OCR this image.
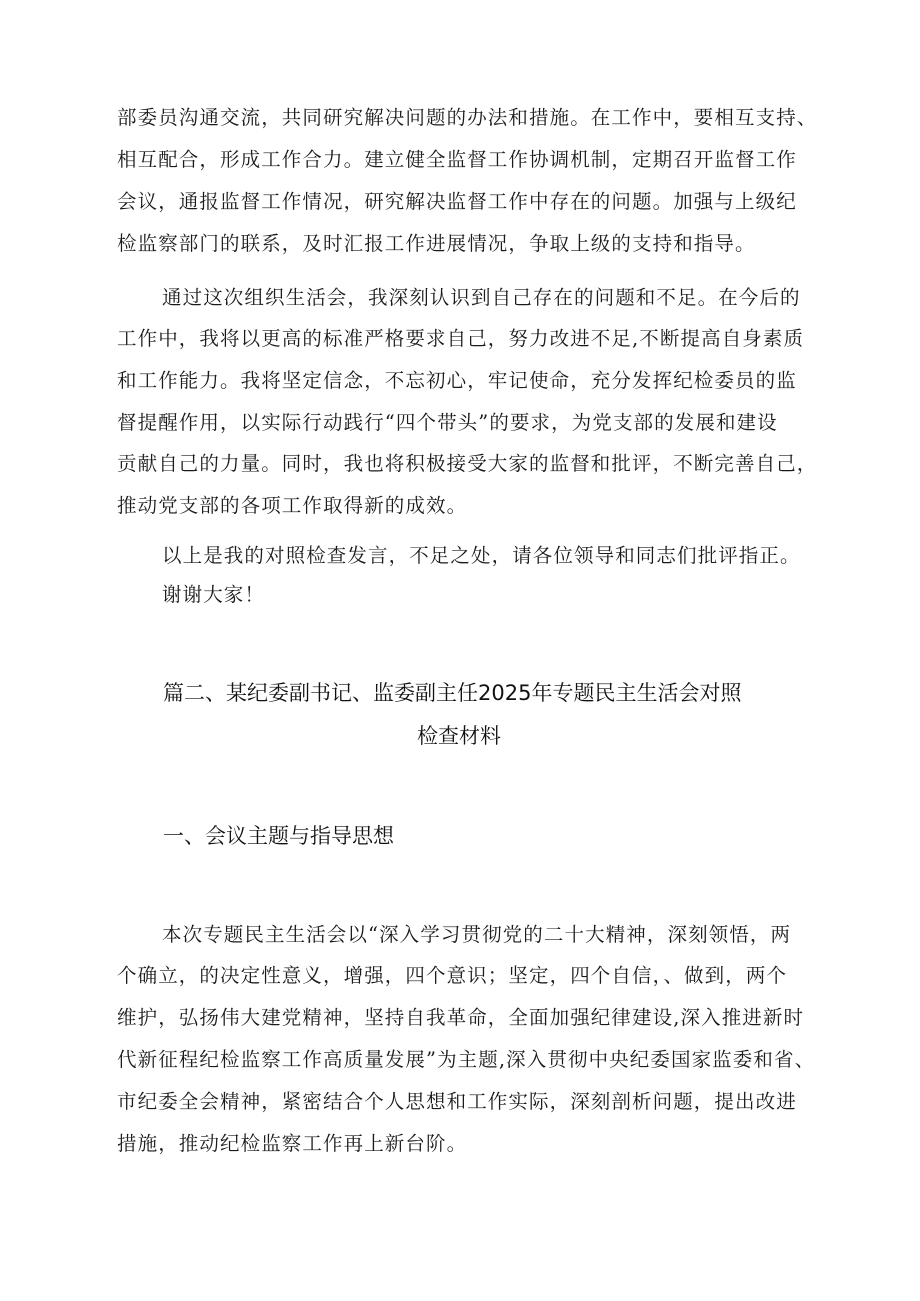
部委员沟通交流，共同研究解决问题的办法和措施。在工作中，要相互支持、
相互配合，形成工作合力。建立健全监督工作协调机制，定期召开监督工作
会议，通报监督工作情况，研究解决监督工作中存在的问题。加强与上级纪
检监察部门的联系，及时汇报工作进展情况，争取上级的支持和指导。
通过这次组织生活会，我深刻认识到自己存在的问题和不足。在今后的
工作中，我将以更高的标准严格要求自己，努力改进不足,不断提高自身素质
和工作能力。我将坚定信念，不忘初心，牢记使命，充分发挥纪检委员的监
督提醒作用，以实际行动践行“四个带头”的要求，为党支部的发展和建设
贡献自己的力量。同时，我也将积极接受大家的监督和批评，不断完善自己，
推动党支部的各项工作取得新的成效。
以上是我的对照检查发言，不足之处，请各位领导和同志们批评指正。
谢谢大家！
篇二、某纪委副书记、监委副主任2025年专题民主生活会对照
检查材料
一、会议主题与指导思想
本次专题民主生活会以“深入学习贯彻党的二十大精神，深刻领悟，两
个确立，的决定性意义，增强，四个意识；坚定，四个自信，、做到，两个
维护，弘扬伟大建党精神，坚持自我革命，全面加强纪律建设,深入推进新时
代新征程纪检监察工作高质量发展”为主题,深入贯彻中央纪委国家监委和省、
市纪委全会精神，紧密结合个人思想和工作实际，深刻剖析问题，提出改进
措施，推动纪检监察工作再上新台阶。
